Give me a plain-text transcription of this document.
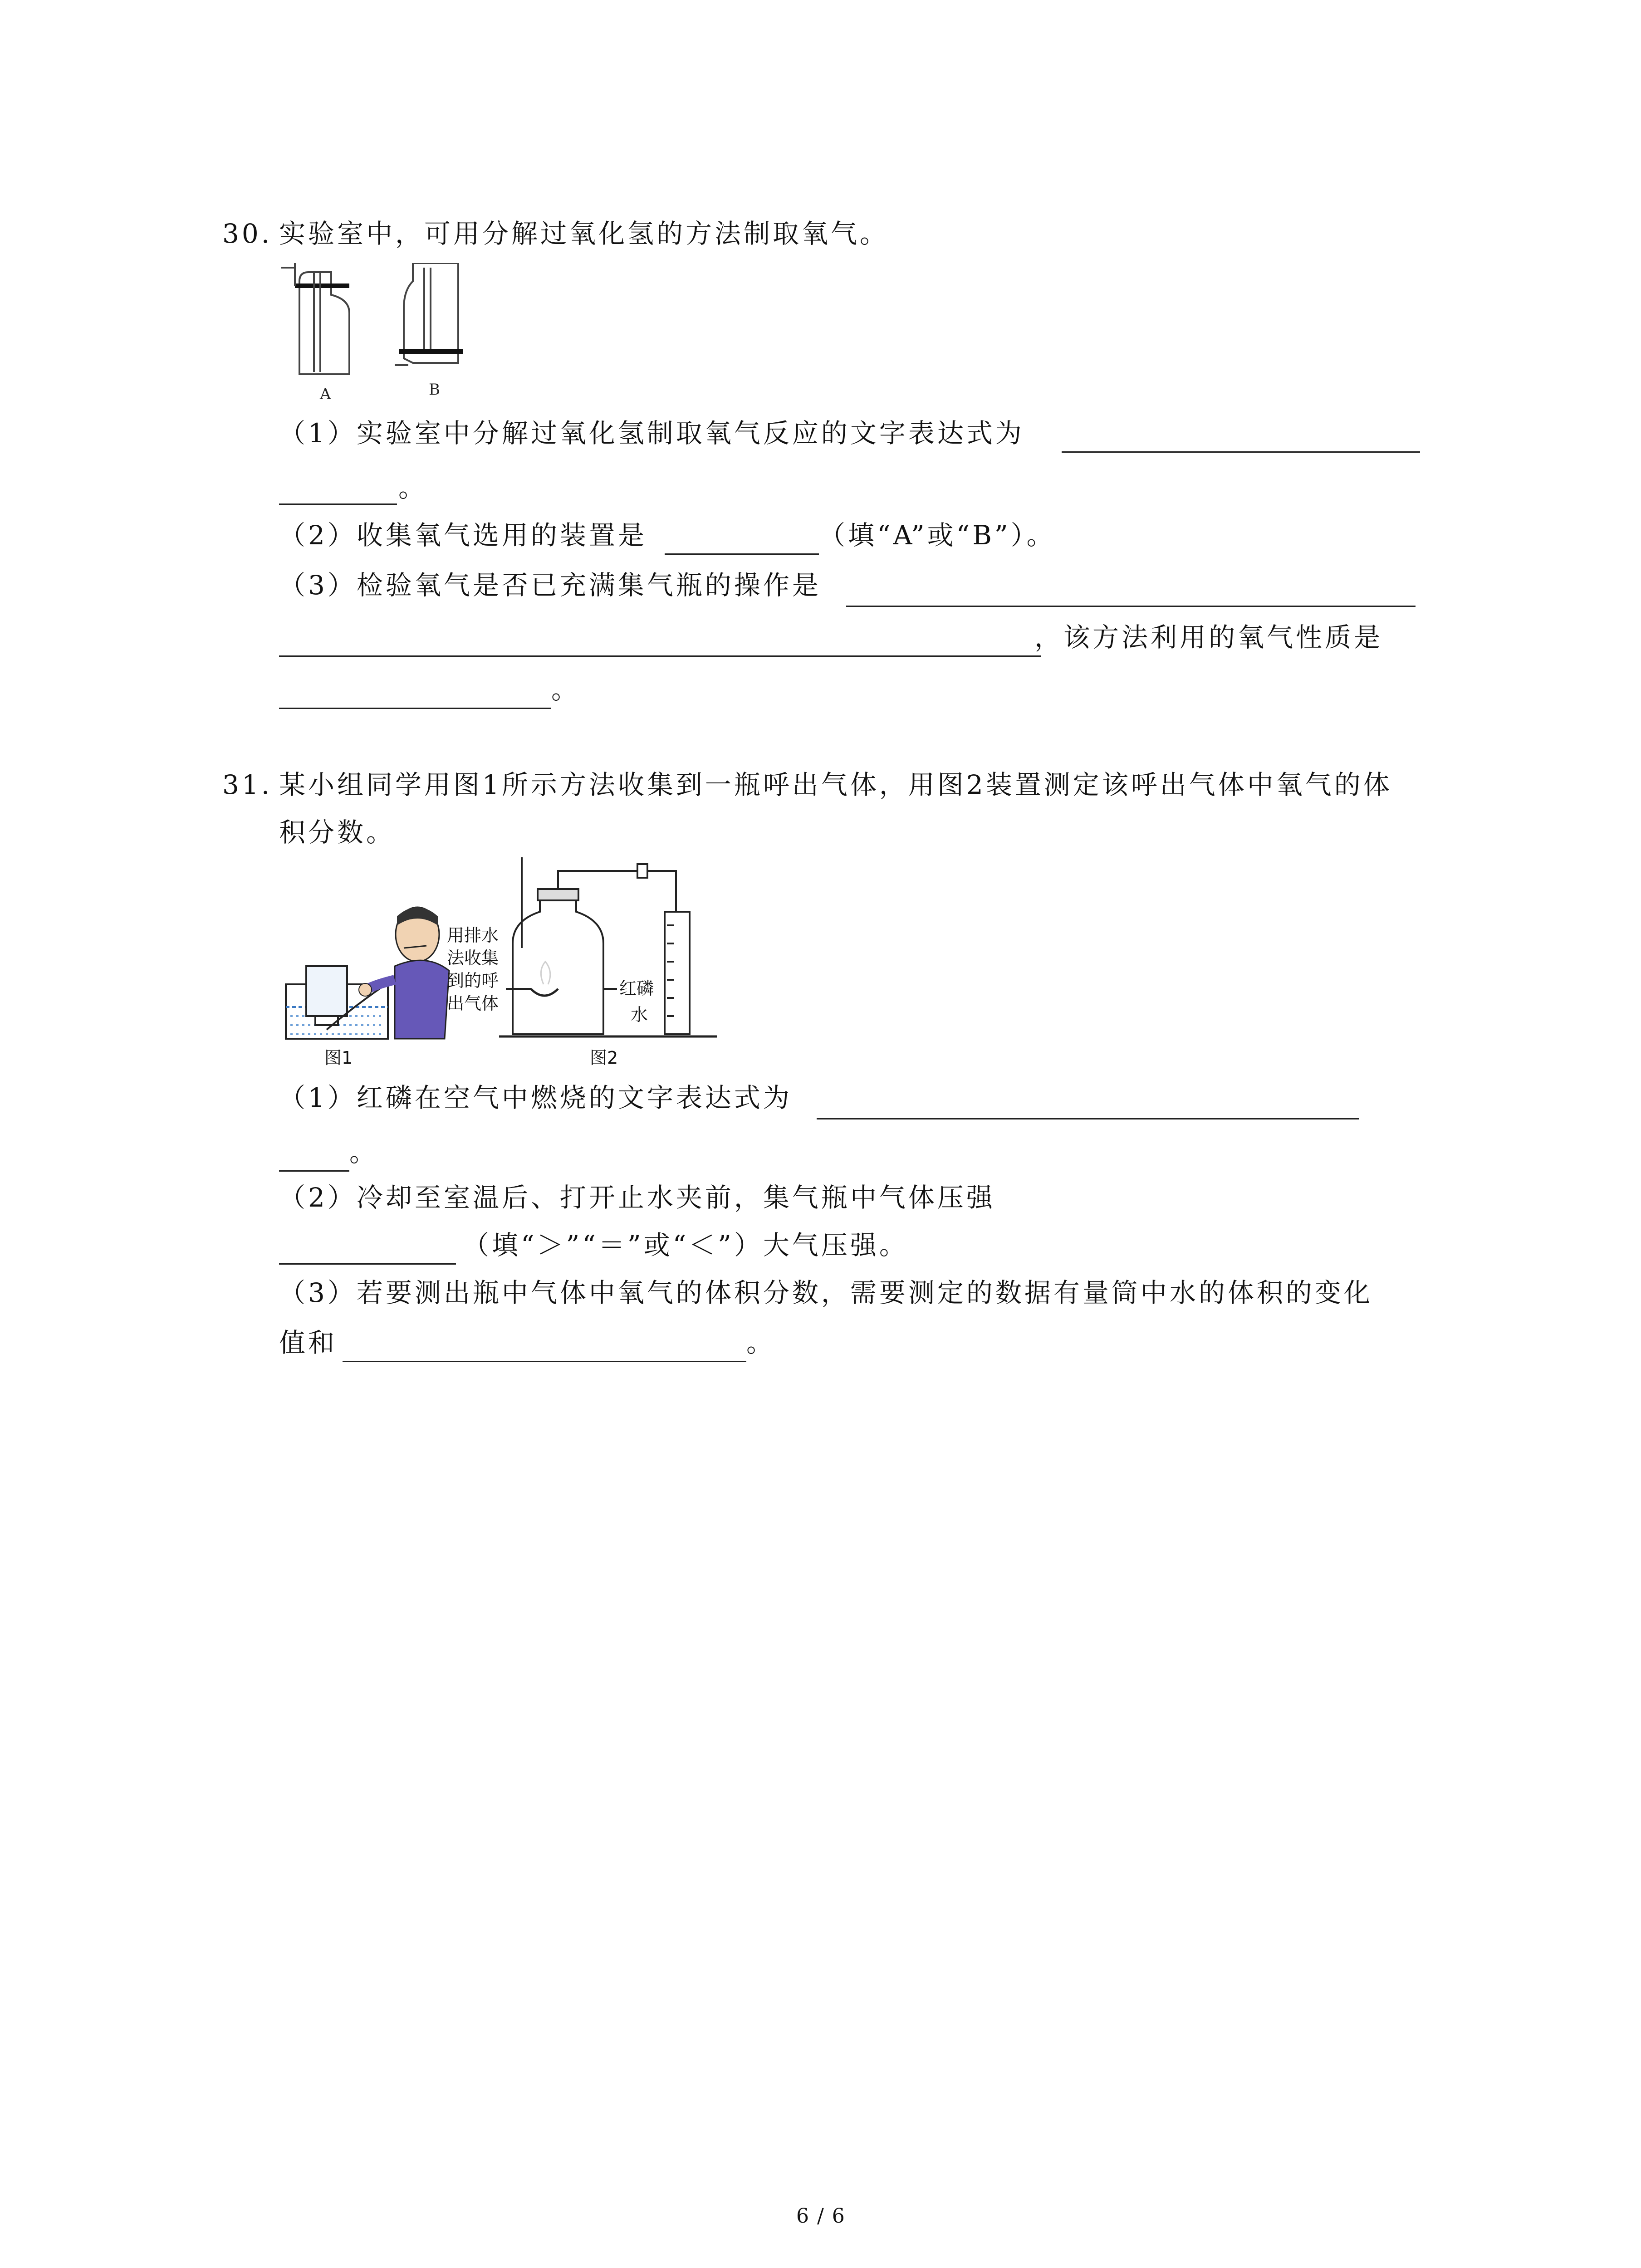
30. 实验室中，可用分解过氧化氢的方法制取氧气。
A	B
（1）实验室中分解过氧化氢制取氧气反应的文字表达式为
。
（2）收集氧气选用的装置是	（填“A”或“B”）。
（3）检验氧气是否已充满集气瓶的操作是
，该方法利用的氧气性质是
。
31. 某小组同学用图1所示方法收集到一瓶呼出气体，用图2装置测定该呼出气体中氧气的体
积分数。
用排水
法收集
到的呼
出气体
图1
红磷
水
图2
（1）红磷在空气中燃烧的文字表达式为
。
（2）冷却至室温后、打开止水夹前，集气瓶中气体压强
（填“＞”“＝”或“＜”）大气压强。
（3）若要测出瓶中气体中氧气的体积分数，需要测定的数据有量筒中水的体积的变化
值和	。
6 / 6
